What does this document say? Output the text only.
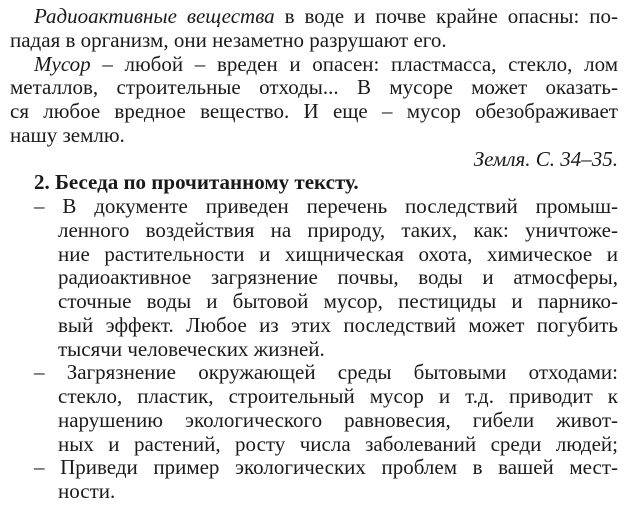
Радиоактивные вещества в воде и почве крайне опасны: по-
падая в организм, они незаметно разрушают его.
Мусор – любой – вреден и опасен: пластмасса, стекло, лом
металлов, строительные отходы... В мусоре может оказать-
ся любое вредное вещество. И еще – мусор обезображивает
нашу землю.
Земля. С. 34–35.
2. Беседа по прочитанному тексту.
– В документе приведен перечень последствий промыш-
ленного воздействия на природу, таких, как: уничтоже-
ние растительности и хищническая охота, химическое и
радиоактивное загрязнение почвы, воды и атмосферы,
сточные воды и бытовой мусор, пестициды и парнико-
вый эффект. Любое из этих последствий может погубить
тысячи человеческих жизней.
– Загрязнение окружающей среды бытовыми отходами:
стекло, пластик, строительный мусор и т.д. приводит к
нарушению экологического равновесия, гибели живот-
ных и растений, росту числа заболеваний среди людей;
– Приведи пример экологических проблем в вашей мест-
ности.
